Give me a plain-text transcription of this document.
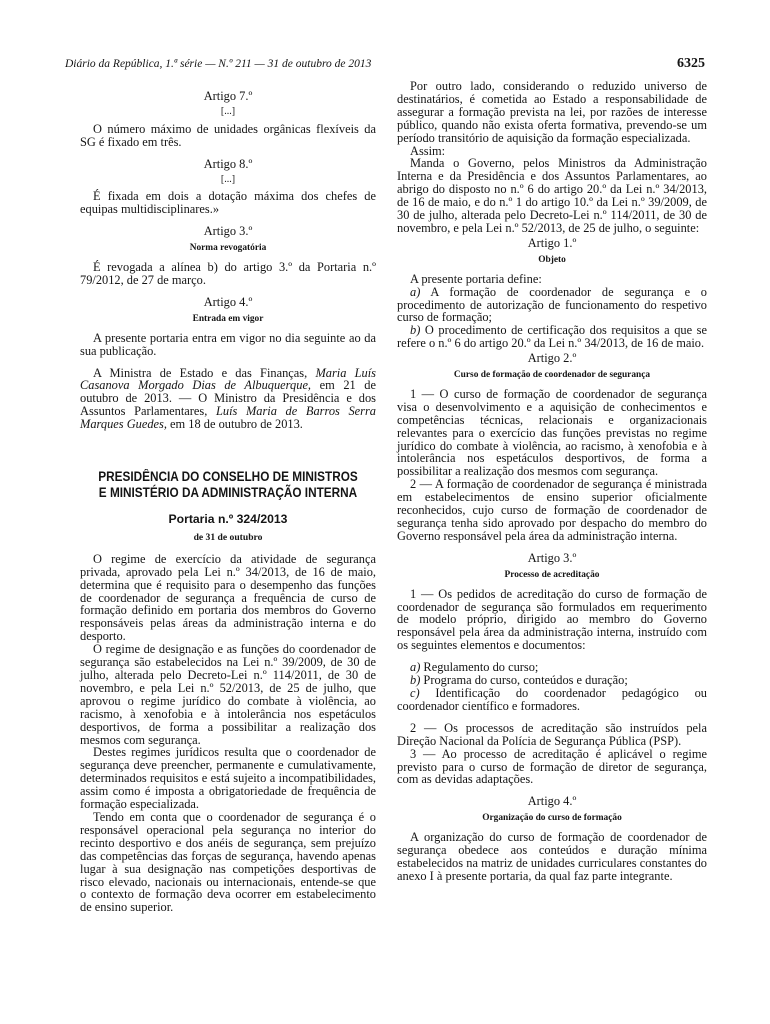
Diário da República, 1.ª série — N.º 211 — 31 de outubro de 2013	6325

Artigo 7.º

[...]

O número máximo de unidades orgânicas flexíveis da SG é fixado em três.

Artigo 8.º

[...]

É fixada em dois a dotação máxima dos chefes de equipas multidisciplinares.»

Artigo 3.º

Norma revogatória

É revogada a alínea b) do artigo 3.º da Portaria n.º 79/2012, de 27 de março.

Artigo 4.º

Entrada em vigor

A presente portaria entra em vigor no dia seguinte ao da sua publicação.

A Ministra de Estado e das Finanças, Maria Luís Casanova Morgado Dias de Albuquerque, em 21 de outubro de 2013. — O Ministro da Presidência e dos Assuntos Parlamentares, Luís Maria de Barros Serra Marques Guedes, em 18 de outubro de 2013.

PRESIDÊNCIA DO CONSELHO DE MINISTROS
E MINISTÉRIO DA ADMINISTRAÇÃO INTERNA

Portaria n.º 324/2013

de 31 de outubro

O regime de exercício da atividade de segurança privada, aprovado pela Lei n.º 34/2013, de 16 de maio, determina que é requisito para o desempenho das funções de coordenador de segurança a frequência de curso de formação definido em portaria dos membros do Governo responsáveis pelas áreas da administração interna e do desporto.

O regime de designação e as funções do coordenador de segurança são estabelecidos na Lei n.º 39/2009, de 30 de julho, alterada pelo Decreto-Lei n.º 114/2011, de 30 de novembro, e pela Lei n.º 52/2013, de 25 de julho, que aprovou o regime jurídico do combate à violência, ao racismo, à xenofobia e à intolerância nos espetáculos desportivos, de forma a possibilitar a realização dos mesmos com segurança.

Destes regimes jurídicos resulta que o coordenador de segurança deve preencher, permanente e cumulativamente, determinados requisitos e está sujeito a incompatibilidades, assim como é imposta a obrigatoriedade de frequência de formação especializada.

Tendo em conta que o coordenador de segurança é o responsável operacional pela segurança no interior do recinto desportivo e dos anéis de segurança, sem prejuízo das competências das forças de segurança, havendo apenas lugar à sua designação nas competições desportivas de risco elevado, nacionais ou internacionais, entende-se que o contexto de formação deva ocorrer em estabelecimento de ensino superior.

Por outro lado, considerando o reduzido universo de destinatários, é cometida ao Estado a responsabilidade de assegurar a formação prevista na lei, por razões de interesse público, quando não exista oferta formativa, prevendo-se um período transitório de aquisição da formação especializada.

Assim:

Manda o Governo, pelos Ministros da Administração Interna e da Presidência e dos Assuntos Parlamentares, ao abrigo do disposto no n.º 6 do artigo 20.º da Lei n.º 34/2013, de 16 de maio, e do n.º 1 do artigo 10.º da Lei n.º 39/2009, de 30 de julho, alterada pelo Decreto-Lei n.º 114/2011, de 30 de novembro, e pela Lei n.º 52/2013, de 25 de julho, o seguinte:

Artigo 1.º

Objeto

A presente portaria define:

a) A formação de coordenador de segurança e o procedimento de autorização de funcionamento do respetivo curso de formação;

b) O procedimento de certificação dos requisitos a que se refere o n.º 6 do artigo 20.º da Lei n.º 34/2013, de 16 de maio.

Artigo 2.º

Curso de formação de coordenador de segurança

1 — O curso de formação de coordenador de segurança visa o desenvolvimento e a aquisição de conhecimentos e competências técnicas, relacionais e organizacionais relevantes para o exercício das funções previstas no regime jurídico do combate à violência, ao racismo, à xenofobia e à intolerância nos espetáculos desportivos, de forma a possibilitar a realização dos mesmos com segurança.

2 — A formação de coordenador de segurança é ministrada em estabelecimentos de ensino superior oficialmente reconhecidos, cujo curso de formação de coordenador de segurança tenha sido aprovado por despacho do membro do Governo responsável pela área da administração interna.

Artigo 3.º

Processo de acreditação

1 — Os pedidos de acreditação do curso de formação de coordenador de segurança são formulados em requerimento de modelo próprio, dirigido ao membro do Governo responsável pela área da administração interna, instruído com os seguintes elementos e documentos:

a) Regulamento do curso;

b) Programa do curso, conteúdos e duração;

c) Identificação do coordenador pedagógico ou coordenador científico e formadores.

2 — Os processos de acreditação são instruídos pela Direção Nacional da Polícia de Segurança Pública (PSP).

3 — Ao processo de acreditação é aplicável o regime previsto para o curso de formação de diretor de segurança, com as devidas adaptações.

Artigo 4.º

Organização do curso de formação

A organização do curso de formação de coordenador de segurança obedece aos conteúdos e duração mínima estabelecidos na matriz de unidades curriculares constantes do anexo I à presente portaria, da qual faz parte integrante.
